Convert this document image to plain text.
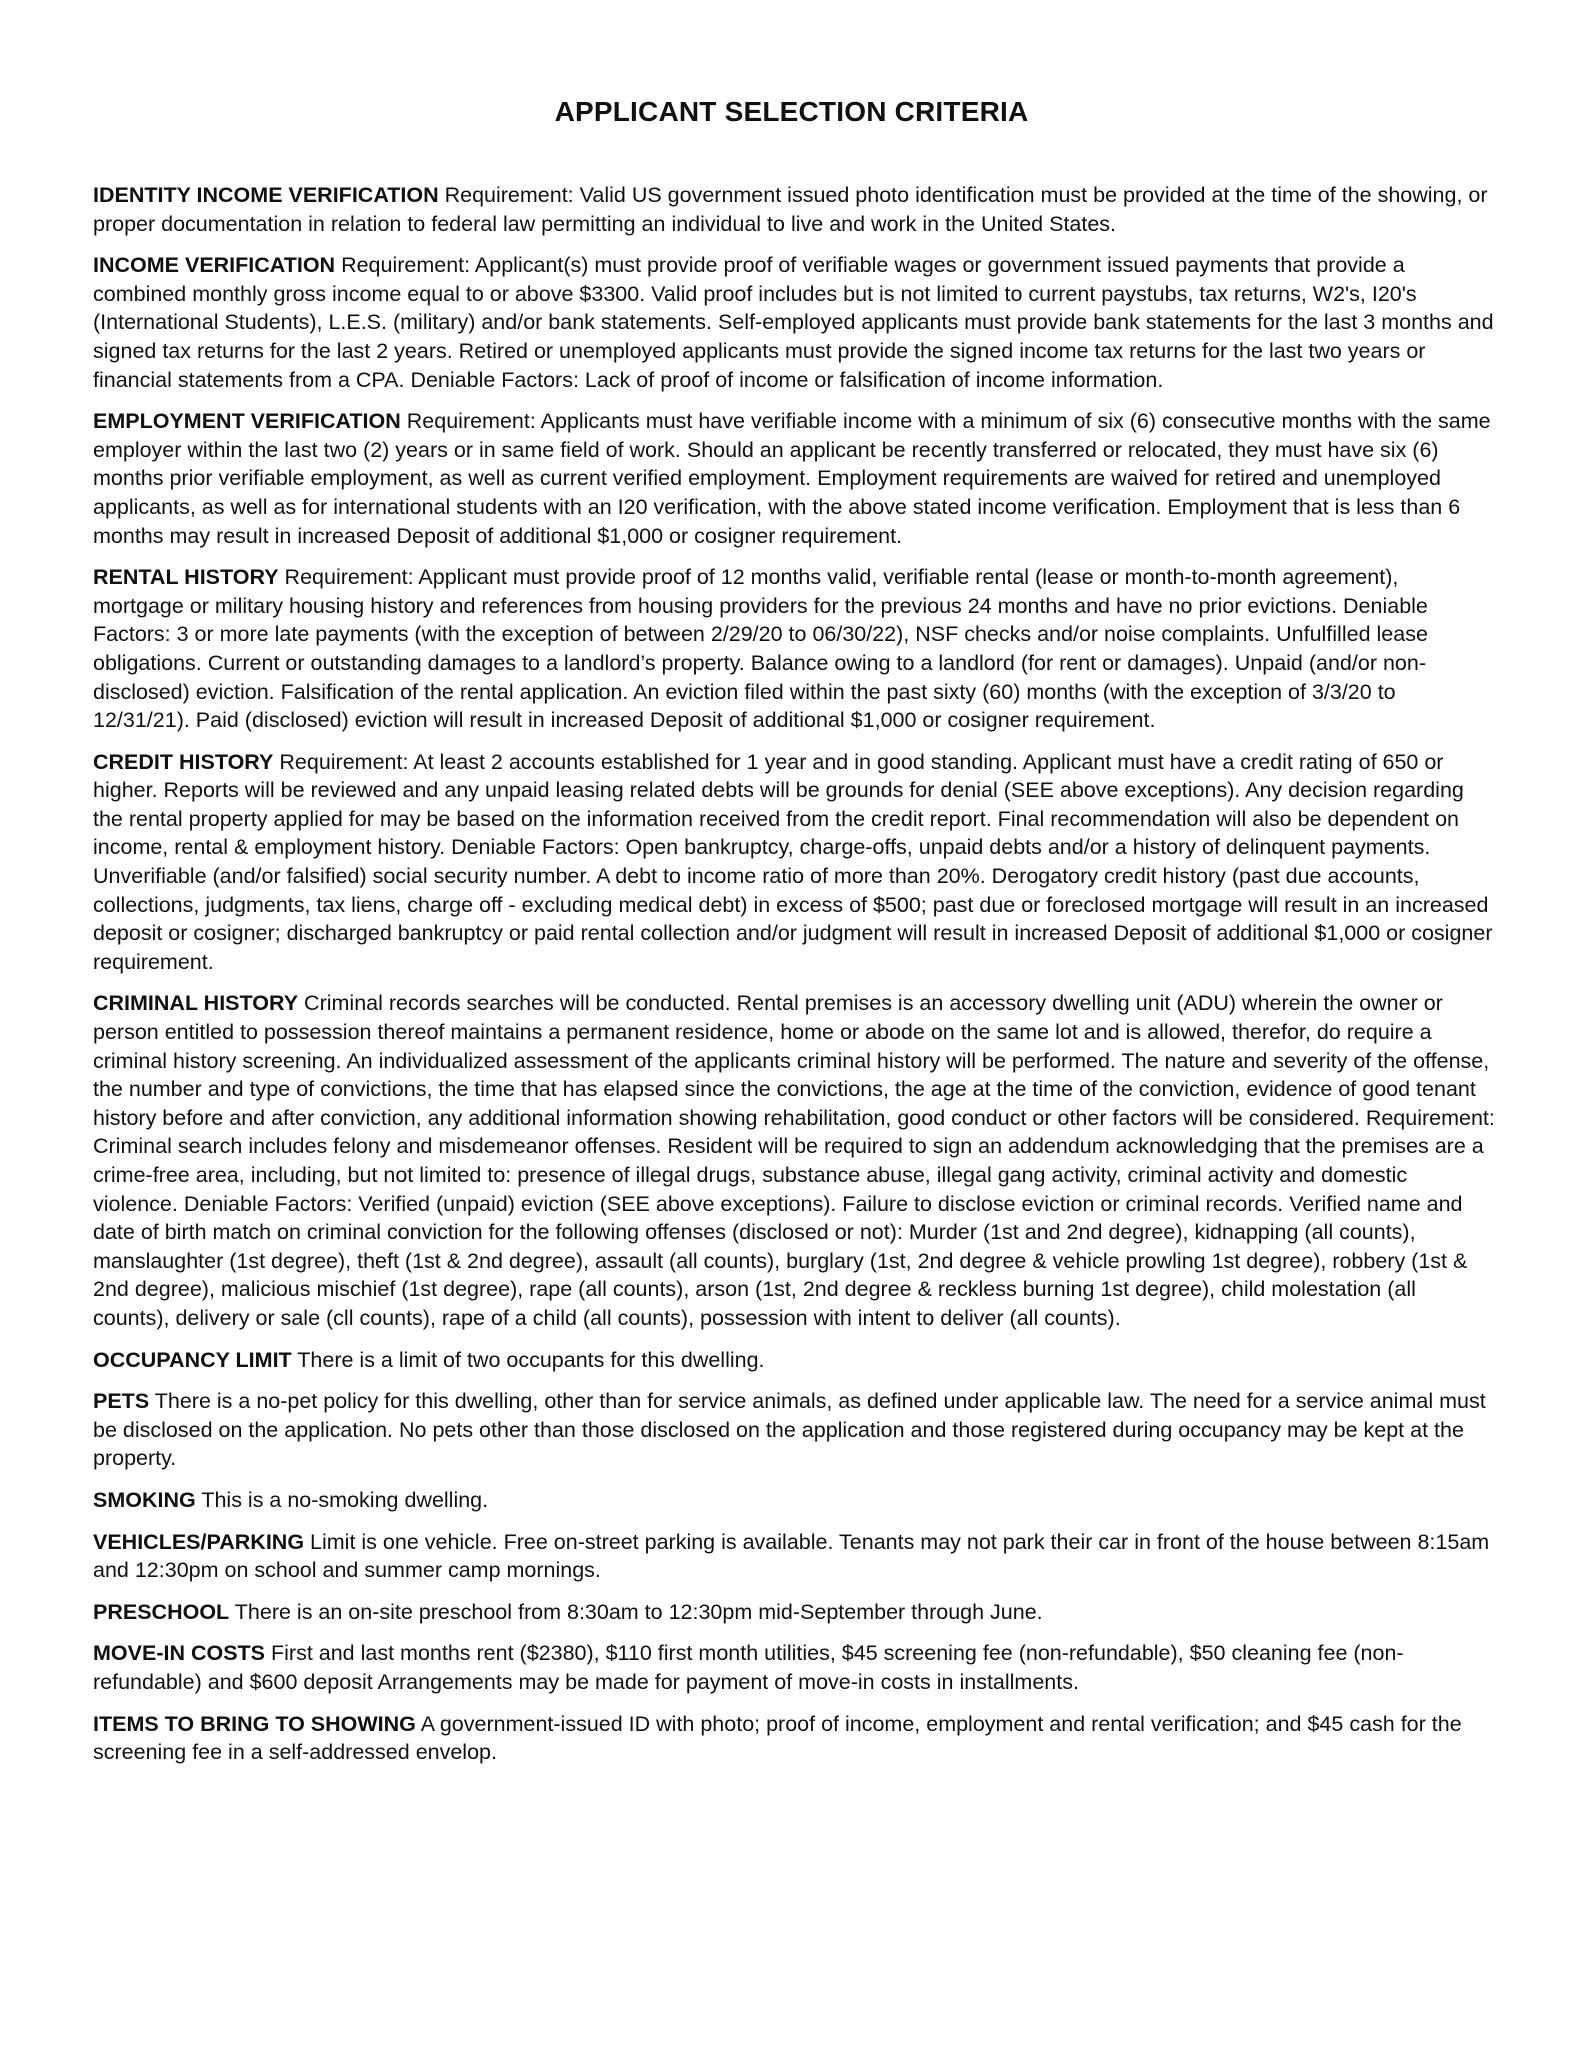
APPLICANT SELECTION CRITERIA

IDENTITY INCOME VERIFICATION Requirement: Valid US government issued photo identification must be provided at the time of the showing, or proper documentation in relation to federal law permitting an individual to live and work in the United States.

INCOME VERIFICATION Requirement: Applicant(s) must provide proof of verifiable wages or government issued payments that provide a combined monthly gross income equal to or above $3300. Valid proof includes but is not limited to current paystubs, tax returns, W2's, I20's (International Students), L.E.S. (military) and/or bank statements. Self-employed applicants must provide bank statements for the last 3 months and signed tax returns for the last 2 years. Retired or unemployed applicants must provide the signed income tax returns for the last two years or financial statements from a CPA. Deniable Factors: Lack of proof of income or falsification of income information.

EMPLOYMENT VERIFICATION Requirement: Applicants must have verifiable income with a minimum of six (6) consecutive months with the same employer within the last two (2) years or in same field of work. Should an applicant be recently transferred or relocated, they must have six (6) months prior verifiable employment, as well as current verified employment. Employment requirements are waived for retired and unemployed applicants, as well as for international students with an I20 verification, with the above stated income verification. Employment that is less than 6 months may result in increased Deposit of additional $1,000 or cosigner requirement.

RENTAL HISTORY Requirement: Applicant must provide proof of 12 months valid, verifiable rental (lease or month-to-month agreement), mortgage or military housing history and references from housing providers for the previous 24 months and have no prior evictions. Deniable Factors: 3 or more late payments (with the exception of between 2/29/20 to 06/30/22), NSF checks and/or noise complaints. Unfulfilled lease obligations. Current or outstanding damages to a landlord’s property. Balance owing to a landlord (for rent or damages). Unpaid (and/or non-disclosed) eviction. Falsification of the rental application. An eviction filed within the past sixty (60) months (with the exception of 3/3/20 to 12/31/21). Paid (disclosed) eviction will result in increased Deposit of additional $1,000 or cosigner requirement.

CREDIT HISTORY Requirement: At least 2 accounts established for 1 year and in good standing. Applicant must have a credit rating of 650 or higher. Reports will be reviewed and any unpaid leasing related debts will be grounds for denial (SEE above exceptions). Any decision regarding the rental property applied for may be based on the information received from the credit report. Final recommendation will also be dependent on income, rental & employment history. Deniable Factors: Open bankruptcy, charge-offs, unpaid debts and/or a history of delinquent payments. Unverifiable (and/or falsified) social security number. A debt to income ratio of more than 20%. Derogatory credit history (past due accounts, collections, judgments, tax liens, charge off - excluding medical debt) in excess of $500; past due or foreclosed mortgage will result in an increased deposit or cosigner; discharged bankruptcy or paid rental collection and/or judgment will result in increased Deposit of additional $1,000 or cosigner requirement.

CRIMINAL HISTORY Criminal records searches will be conducted. Rental premises is an accessory dwelling unit (ADU) wherein the owner or person entitled to possession thereof maintains a permanent residence, home or abode on the same lot and is allowed, therefor, do require a criminal history screening. An individualized assessment of the applicants criminal history will be performed. The nature and severity of the offense, the number and type of convictions, the time that has elapsed since the convictions, the age at the time of the conviction, evidence of good tenant history before and after conviction, any additional information showing rehabilitation, good conduct or other factors will be considered. Requirement: Criminal search includes felony and misdemeanor offenses. Resident will be required to sign an addendum acknowledging that the premises are a crime-free area, including, but not limited to: presence of illegal drugs, substance abuse, illegal gang activity, criminal activity and domestic violence. Deniable Factors: Verified (unpaid) eviction (SEE above exceptions). Failure to disclose eviction or criminal records. Verified name and date of birth match on criminal conviction for the following offenses (disclosed or not): Murder (1st and 2nd degree), kidnapping (all counts), manslaughter (1st degree), theft (1st & 2nd degree), assault (all counts), burglary (1st, 2nd degree & vehicle prowling 1st degree), robbery (1st & 2nd degree), malicious mischief (1st degree), rape (all counts), arson (1st, 2nd degree & reckless burning 1st degree), child molestation (all counts), delivery or sale (cll counts), rape of a child (all counts), possession with intent to deliver (all counts).

OCCUPANCY LIMIT There is a limit of two occupants for this dwelling.

PETS There is a no-pet policy for this dwelling, other than for service animals, as defined under applicable law. The need for a service animal must be disclosed on the application. No pets other than those disclosed on the application and those registered during occupancy may be kept at the property.

SMOKING This is a no-smoking dwelling.

VEHICLES/PARKING Limit is one vehicle. Free on-street parking is available. Tenants may not park their car in front of the house between 8:15am and 12:30pm on school and summer camp mornings.

PRESCHOOL There is an on-site preschool from 8:30am to 12:30pm mid-September through June.

MOVE-IN COSTS First and last months rent ($2380), $110 first month utilities, $45 screening fee (non-refundable), $50 cleaning fee (non-refundable) and $600 deposit Arrangements may be made for payment of move-in costs in installments.

ITEMS TO BRING TO SHOWING A government-issued ID with photo; proof of income, employment and rental verification; and $45 cash for the screening fee in a self-addressed envelop.
